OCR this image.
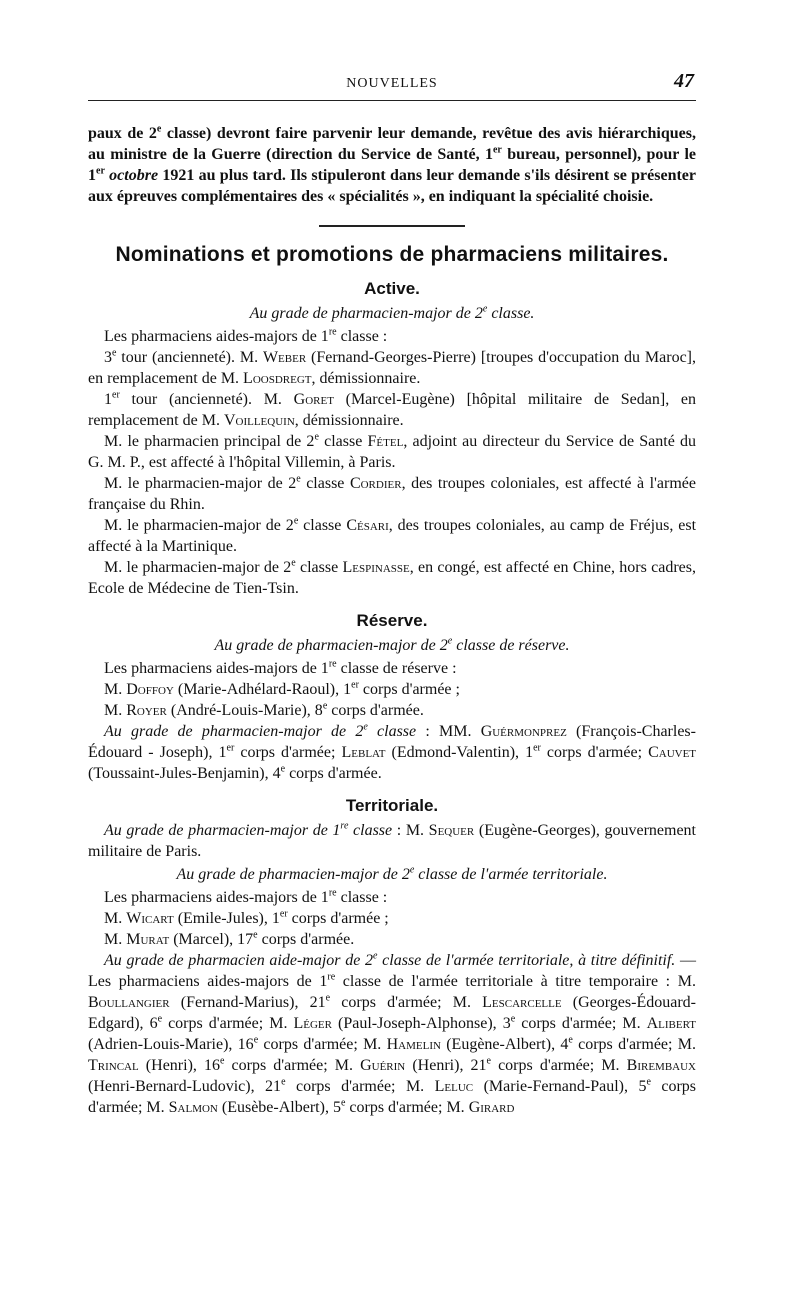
NOUVELLES	47

paux de 2e classe) devront faire parvenir leur demande, revêtue des avis hiérarchiques, au ministre de la Guerre (direction du Service de Santé, 1er bureau, personnel), pour le 1er octobre 1921 au plus tard. Ils stipuleront dans leur demande s'ils désirent se présenter aux épreuves complémentaires des « spécialités », en indiquant la spécialité choisie.

Nominations et promotions de pharmaciens militaires.
Active.

Au grade de pharmacien-major de 2e classe.

Les pharmaciens aides-majors de 1re classe :

3e tour (ancienneté). M. Weber (Fernand-Georges-Pierre) [troupes d'occupation du Maroc], en remplacement de M. Loosdregt, démissionnaire.

1er tour (ancienneté). M. Goret (Marcel-Eugène) [hôpital militaire de Sedan], en remplacement de M. Voillequin, démissionnaire.

M. le pharmacien principal de 2e classe Fétel, adjoint au directeur du Service de Santé du G. M. P., est affecté à l'hôpital Villemin, à Paris.

M. le pharmacien-major de 2e classe Cordier, des troupes coloniales, est affecté à l'armée française du Rhin.

M. le pharmacien-major de 2e classe Césari, des troupes coloniales, au camp de Fréjus, est affecté à la Martinique.

M. le pharmacien-major de 2e classe Lespinasse, en congé, est affecté en Chine, hors cadres, Ecole de Médecine de Tien-Tsin.

Réserve.

Au grade de pharmacien-major de 2e classe de réserve.

Les pharmaciens aides-majors de 1re classe de réserve :

M. Doffoy (Marie-Adhélard-Raoul), 1er corps d'armée ;

M. Royer (André-Louis-Marie), 8e corps d'armée.

Au grade de pharmacien-major de 2e classe : MM. Guérmonprez (François-Charles-Édouard - Joseph), 1er corps d'armée; Leblat (Edmond-Valentin), 1er corps d'armée; Cauvet (Toussaint-Jules-Benjamin), 4e corps d'armée.

Territoriale.

Au grade de pharmacien-major de 1re classe : M. Sequer (Eugène-Georges), gouvernement militaire de Paris.

Au grade de pharmacien-major de 2e classe de l'armée territoriale.

Les pharmaciens aides-majors de 1re classe :

M. Wicart (Emile-Jules), 1er corps d'armée ;

M. Murat (Marcel), 17e corps d'armée.

Au grade de pharmacien aide-major de 2e classe de l'armée territoriale, à titre définitif. — Les pharmaciens aides-majors de 1re classe de l'armée territoriale à titre temporaire : M. Boullangier (Fernand-Marius), 21e corps d'armée; M. Lescarcelle (Georges-Édouard-Edgard), 6e corps d'armée; M. Léger (Paul-Joseph-Alphonse), 3e corps d'armée; M. Alibert (Adrien-Louis-Marie), 16e corps d'armée; M. Hamelin (Eugène-Albert), 4e corps d'armée; M. Trincal (Henri), 16e corps d'armée; M. Guérin (Henri), 21e corps d'armée; M. Birembaux (Henri-Bernard-Ludovic), 21e corps d'armée; M. Leluc (Marie-Fernand-Paul), 5e corps d'armée; M. Salmon (Eusèbe-Albert), 5e corps d'armée; M. Girard
